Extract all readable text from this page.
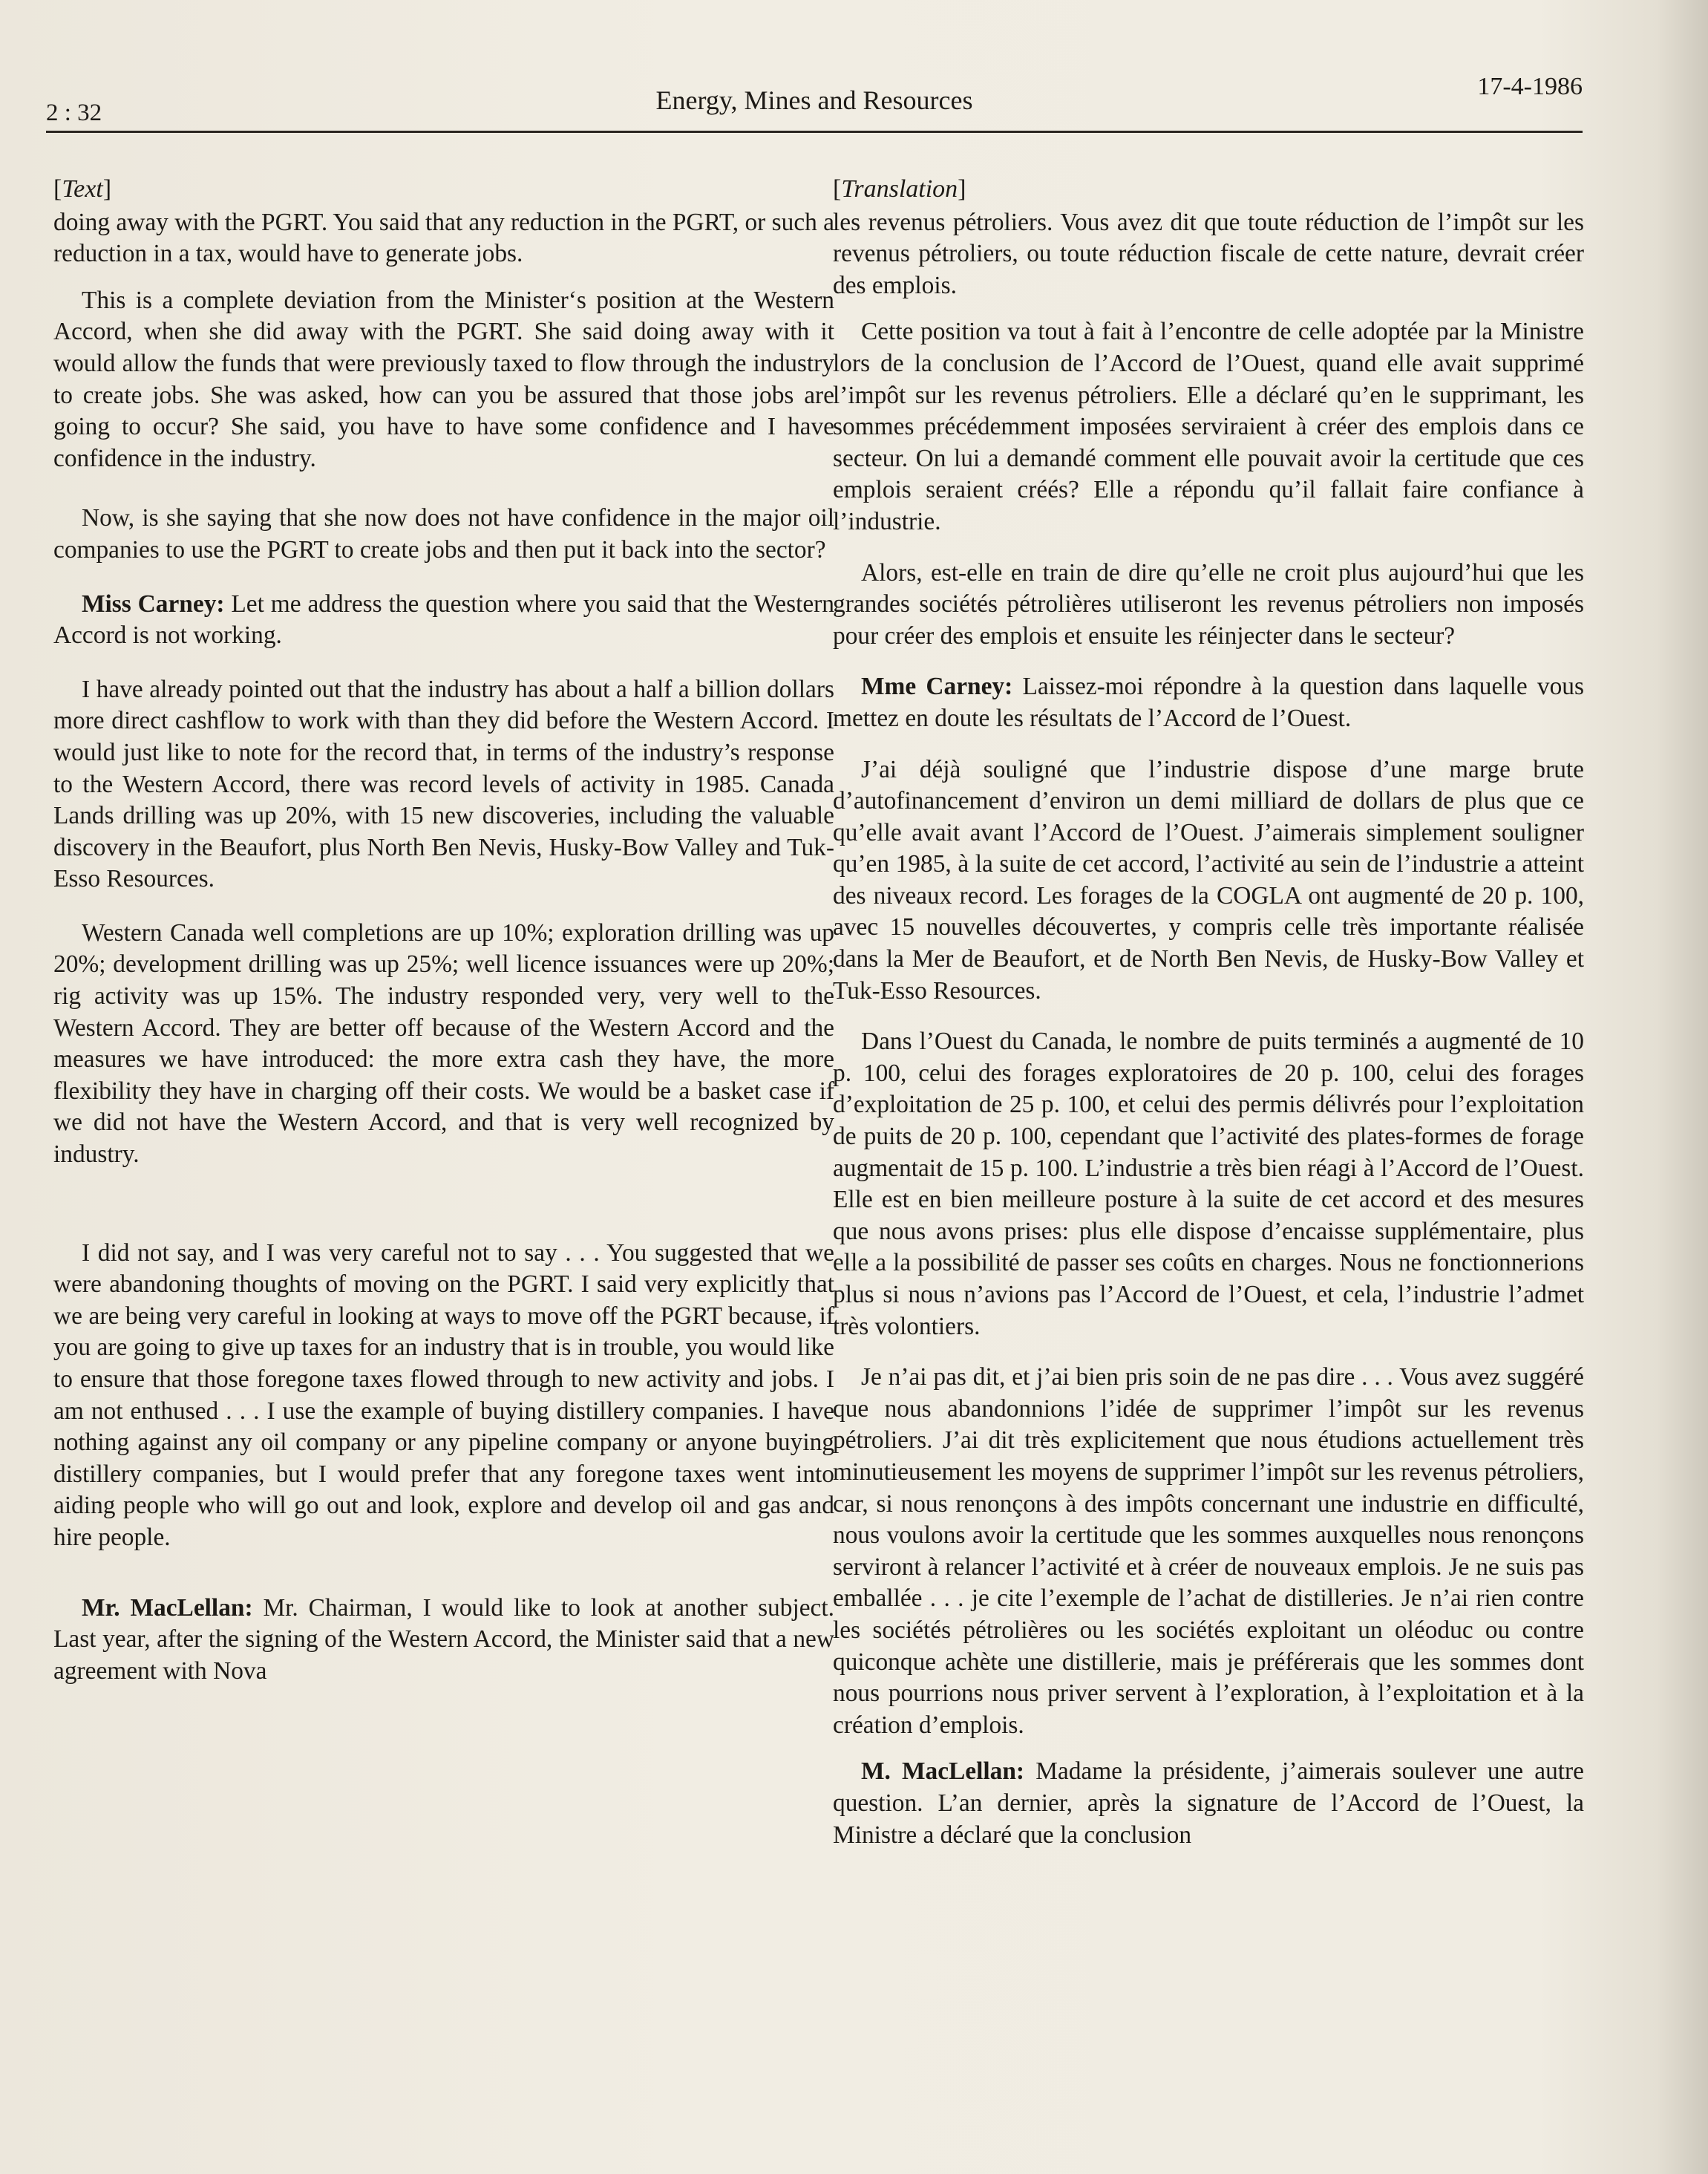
2 : 32	Energy, Mines and Resources	17-4-1986
[Text]

doing away with the PGRT. You said that any reduction in the PGRT, or such a reduction in a tax, would have to generate jobs.

This is a complete deviation from the Minister‘s position at the Western Accord, when she did away with the PGRT. She said doing away with it would allow the funds that were previously taxed to flow through the industry to create jobs. She was asked, how can you be assured that those jobs are going to occur? She said, you have to have some confidence and I have confidence in the industry.

Now, is she saying that she now does not have confidence in the major oil companies to use the PGRT to create jobs and then put it back into the sector?

Miss Carney: Let me address the question where you said that the Western Accord is not working.

I have already pointed out that the industry has about a half a billion dollars more direct cashflow to work with than they did before the Western Accord. I would just like to note for the record that, in terms of the industry’s response to the Western Accord, there was record levels of activity in 1985. Canada Lands drilling was up 20%, with 15 new discoveries, including the valuable discovery in the Beaufort, plus North Ben Nevis, Husky-Bow Valley and Tuk-Esso Resources.

Western Canada well completions are up 10%; exploration drilling was up 20%; development drilling was up 25%; well licence issuances were up 20%; rig activity was up 15%. The industry responded very, very well to the Western Accord. They are better off because of the Western Accord and the measures we have introduced: the more extra cash they have, the more flexibility they have in charging off their costs. We would be a basket case if we did not have the Western Accord, and that is very well recognized by industry.

I did not say, and I was very careful not to say . . . You suggested that we were abandoning thoughts of moving on the PGRT. I said very explicitly that we are being very careful in looking at ways to move off the PGRT because, if you are going to give up taxes for an industry that is in trouble, you would like to ensure that those foregone taxes flowed through to new activity and jobs. I am not enthused . . . I use the example of buying distillery companies. I have nothing against any oil company or any pipeline company or anyone buying distillery companies, but I would prefer that any foregone taxes went into aiding people who will go out and look, explore and develop oil and gas and hire people.

Mr. MacLellan: Mr. Chairman, I would like to look at another subject. Last year, after the signing of the Western Accord, the Minister said that a new agreement with Nova

[Translation]

les revenus pétroliers. Vous avez dit que toute réduction de l’impôt sur les revenus pétroliers, ou toute réduction fiscale de cette nature, devrait créer des emplois.

Cette position va tout à fait à l’encontre de celle adoptée par la Ministre lors de la conclusion de l’Accord de l’Ouest, quand elle avait supprimé l’impôt sur les revenus pétroliers. Elle a déclaré qu’en le supprimant, les sommes précédemment imposées serviraient à créer des emplois dans ce secteur. On lui a demandé comment elle pouvait avoir la certitude que ces emplois seraient créés? Elle a répondu qu’il fallait faire confiance à l’industrie.

Alors, est-elle en train de dire qu’elle ne croit plus aujourd’hui que les grandes sociétés pétrolières utiliseront les revenus pétroliers non imposés pour créer des emplois et ensuite les réinjecter dans le secteur?

Mme Carney: Laissez-moi répondre à la question dans laquelle vous mettez en doute les résultats de l’Accord de l’Ouest.

J’ai déjà souligné que l’industrie dispose d’une marge brute d’autofinancement d’environ un demi milliard de dollars de plus que ce qu’elle avait avant l’Accord de l’Ouest. J’aimerais simplement souligner qu’en 1985, à la suite de cet accord, l’activité au sein de l’industrie a atteint des niveaux record. Les forages de la COGLA ont augmenté de 20 p. 100, avec 15 nouvelles découvertes, y compris celle très importante réalisée dans la Mer de Beaufort, et de North Ben Nevis, de Husky-Bow Valley et Tuk-Esso Resources.

Dans l’Ouest du Canada, le nombre de puits terminés a augmenté de 10 p. 100, celui des forages exploratoires de 20 p. 100, celui des forages d’exploitation de 25 p. 100, et celui des permis délivrés pour l’exploitation de puits de 20 p. 100, cependant que l’activité des plates-formes de forage augmentait de 15 p. 100. L’industrie a très bien réagi à l’Accord de l’Ouest. Elle est en bien meilleure posture à la suite de cet accord et des mesures que nous avons prises: plus elle dispose d’encaisse supplémentaire, plus elle a la possibilité de passer ses coûts en charges. Nous ne fonctionnerions plus si nous n’avions pas l’Accord de l’Ouest, et cela, l’industrie l’admet très volontiers.

Je n’ai pas dit, et j’ai bien pris soin de ne pas dire . . . Vous avez suggéré que nous abandonnions l’idée de supprimer l’impôt sur les revenus pétroliers. J’ai dit très explicitement que nous étudions actuellement très minutieusement les moyens de supprimer l’impôt sur les revenus pétroliers, car, si nous renonçons à des impôts concernant une industrie en difficulté, nous voulons avoir la certitude que les sommes auxquelles nous renonçons serviront à relancer l’activité et à créer de nouveaux emplois. Je ne suis pas emballée . . . je cite l’exemple de l’achat de distilleries. Je n’ai rien contre les sociétés pétrolières ou les sociétés exploitant un oléoduc ou contre quiconque achète une distillerie, mais je préférerais que les sommes dont nous pourrions nous priver servent à l’exploration, à l’exploitation et à la création d’emplois.

M. MacLellan: Madame la présidente, j’aimerais soulever une autre question. L’an dernier, après la signature de l’Accord de l’Ouest, la Ministre a déclaré que la conclusion
